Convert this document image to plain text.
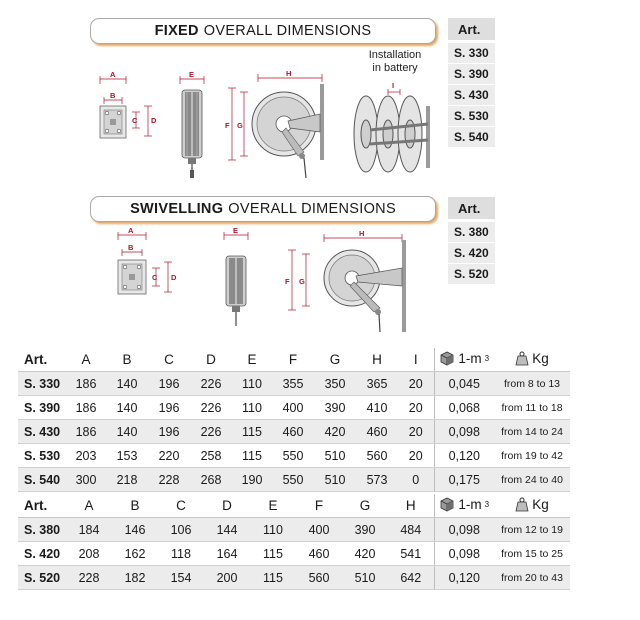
FIXED OVERALL DIMENSIONS	Art.
S. 330
S. 390
S. 430
S. 530
S. 540
Installation
in battery
A
B
C D
E	H
F G
I
SWIVELLING OVERALL DIMENSIONS	Art.
S. 380
S. 420
S. 520
A
B
C D
E	H
F G
Art.	A	B	C	D	E	F	G	H	I	1-m 3	Kg

S. 330	186	140	196	226	110	355	350	365	20	0,045	from 8 to 13
S. 390	186	140	196	226	110	400	390	410	20	0,068	from 11 to 18
S. 430	186	140	196	226	115	460	420	460	20	0,098	from 14 to 24
S. 530	203	153	220	258	115	550	510	560	20	0,120	from 19 to 42
S. 540	300	218	228	268	190	550	510	573	0	0,175	from 24 to 40
Art.	A	B	C	D	E	F	G	H	1-m 3	Kg

S. 380	184	146	106	144	110	400	390	484	0,098	from 12 to 19
S. 420	208	162	118	164	115	460	420	541	0,098	from 15 to 25
S. 520	228	182	154	200	115	560	510	642	0,120	from 20 to 43
